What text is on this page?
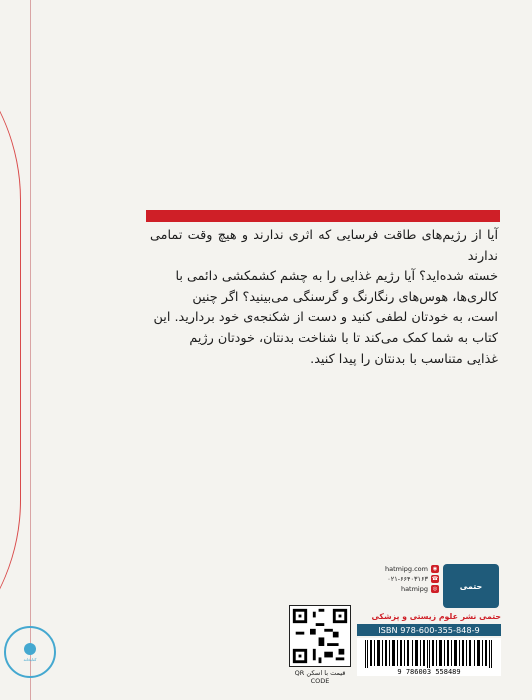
آیا از رژیم‌های طاقت فرسایی که اثری ندارند و هیچ وقت تمامی ندارند

خسته شده‌اید؟ آیا رژیم غذایی را به چشم کشمکشی دائمی با

کالری‌ها، هوس‌های رنگارنگ و گرسنگی می‌بینید؟ اگر چنین

است، به خودتان لطفی کنید و دست از شکنجه‌ی خود بردارید. این

کتاب به شما کمک می‌کند تا با شناخت بدنتان، خودتان رژیم

غذایی متناسب با بدنتان را پیدا کنید.

قیمت با اسکن QR CODE
hatmipg.com ◉
۰۲۱-۶۶۴۰۳۱۶۳ ☎
hatmipg ◎	حتمی
حتمی نشر علوم زیستی و پزشکی
ISBN 978-600-355-848-9
9 786003 558489
کتابخانه
